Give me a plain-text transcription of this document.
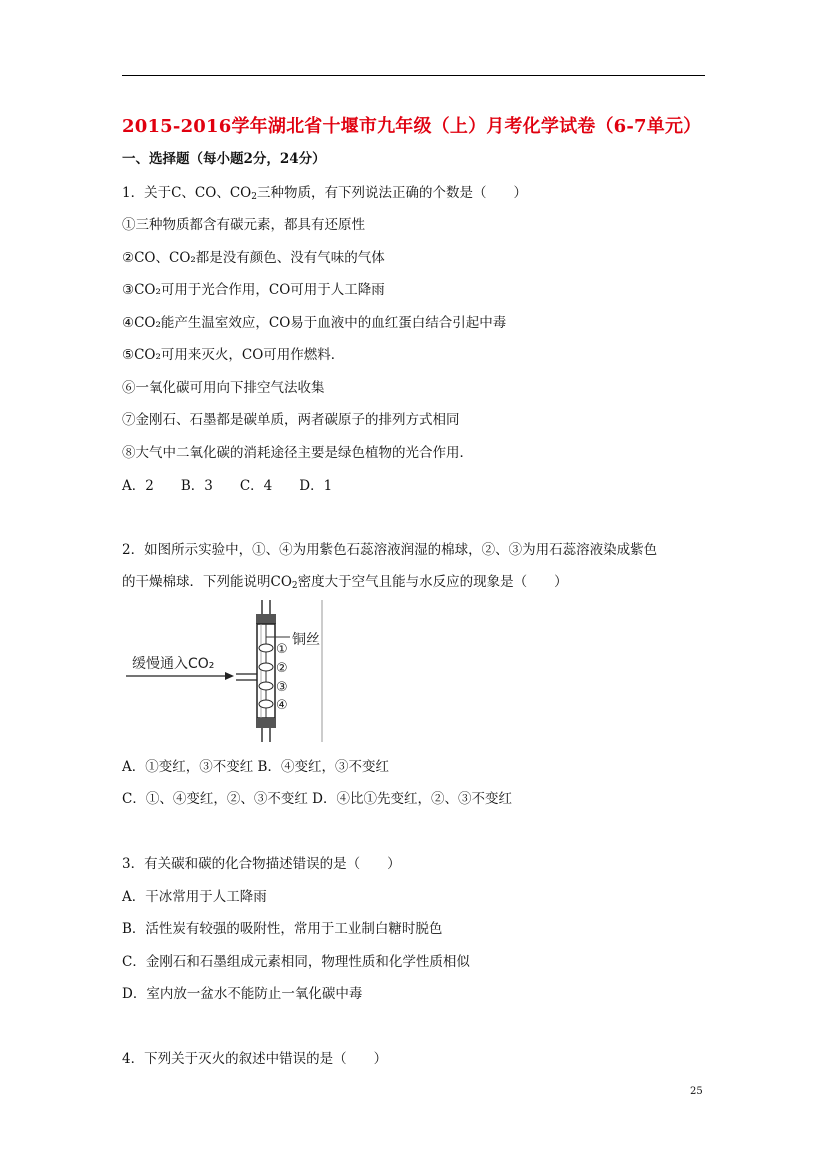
2015-2016学年湖北省十堰市九年级（上）月考化学试卷（6-7单元）
一、选择题（每小题2分，24分）
1．关于C、CO、$CO_2$三种物质，有下列说法正确的个数是（　　）
①三种物质都含有碳元素，都具有还原性
②CO、CO₂都是没有颜色、没有气味的气体
③CO₂可用于光合作用，CO可用于人工降雨
④CO₂能产生温室效应，CO易于血液中的血红蛋白结合引起中毒
⑤CO₂可用来灭火，CO可用作燃料．
⑥一氧化碳可用向下排空气法收集
⑦金刚石、石墨都是碳单质，两者碳原子的排列方式相同
⑧大气中二氧化碳的消耗途径主要是绿色植物的光合作用．
A．2　　B．3　　C．4　　D．1
2．如图所示实验中，①、④为用紫色石蕊溶液润湿的棉球，②、③为用石蕊溶液染成紫色
的干燥棉球．下列能说明$CO_2$密度大于空气且能与水反应的现象是（　　）
缓慢通入CO₂
铜丝
①
②
③
④
A．①变红，③不变红 B．④变红，③不变红
C．①、④变红，②、③不变红 D．④比①先变红，②、③不变红
3．有关碳和碳的化合物描述错误的是（　　）
A．干冰常用于人工降雨
B．活性炭有较强的吸附性，常用于工业制白糖时脱色
C．金刚石和石墨组成元素相同，物理性质和化学性质相似
D．室内放一盆水不能防止一氧化碳中毒
4．下列关于灭火的叙述中错误的是（　　）
25
